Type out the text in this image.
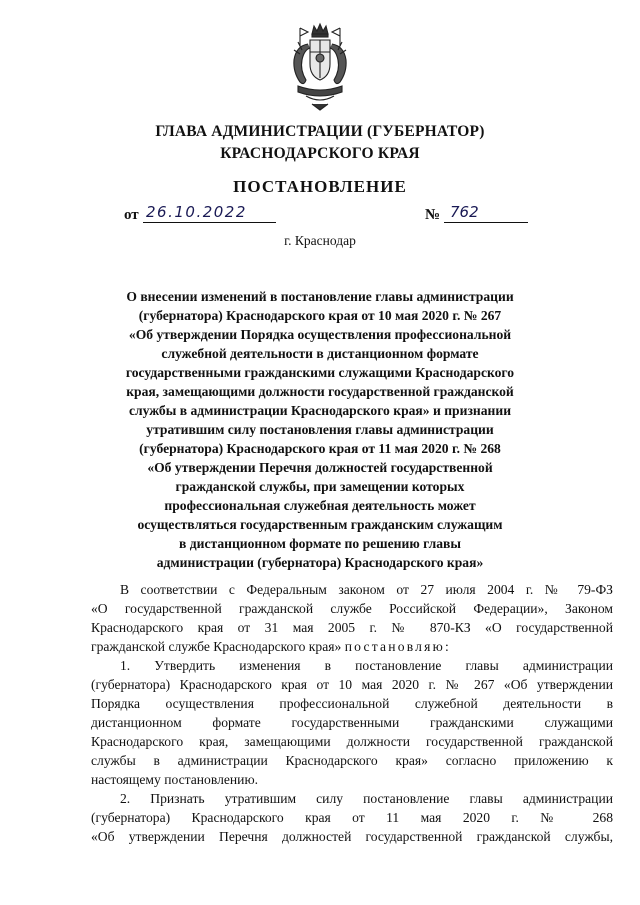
ГЛАВА АДМИНИСТРАЦИИ (ГУБЕРНАТОР)
КРАСНОДАРСКОГО КРАЯ
ПОСТАНОВЛЕНИЕ
от 26.10.2022	№ 762
г. Краснодар
О внесении изменений в постановление главы администрации
(губернатора) Краснодарского края от 10 мая 2020 г. № 267
«Об утверждении Порядка осуществления профессиональной
служебной деятельности в дистанционном формате
государственными гражданскими служащими Краснодарского
края, замещающими должности государственной гражданской
службы в администрации Краснодарского края» и признании
утратившим силу постановления главы администрации
(губернатора) Краснодарского края от 11 мая 2020 г. № 268
«Об утверждении Перечня должностей государственной
гражданской службы, при замещении которых
профессиональная служебная деятельность может
осуществляться государственным гражданским служащим
в дистанционном формате по решению главы
администрации (губернатора) Краснодарского края»
В соответствии с Федеральным законом от 27 июля 2004 г. № 79-ФЗ
«О государственной гражданской службе Российской Федерации», Законом
Краснодарского края от 31 мая 2005 г. № 870-КЗ «О государственной
гражданской службе Краснодарского края» постановляю:
1. Утвердить изменения в постановление главы администрации
(губернатора) Краснодарского края от 10 мая 2020 г. № 267 «Об утверждении
Порядка осуществления профессиональной служебной деятельности в
дистанционном формате государственными гражданскими служащими
Краснодарского края, замещающими должности государственной гражданской
службы в администрации Краснодарского края» согласно приложению к
настоящему постановлению.
2. Признать утратившим силу постановление главы администрации
(губернатора) Краснодарского края от 11 мая 2020 г. № 268
«Об утверждении Перечня должностей государственной гражданской службы,
